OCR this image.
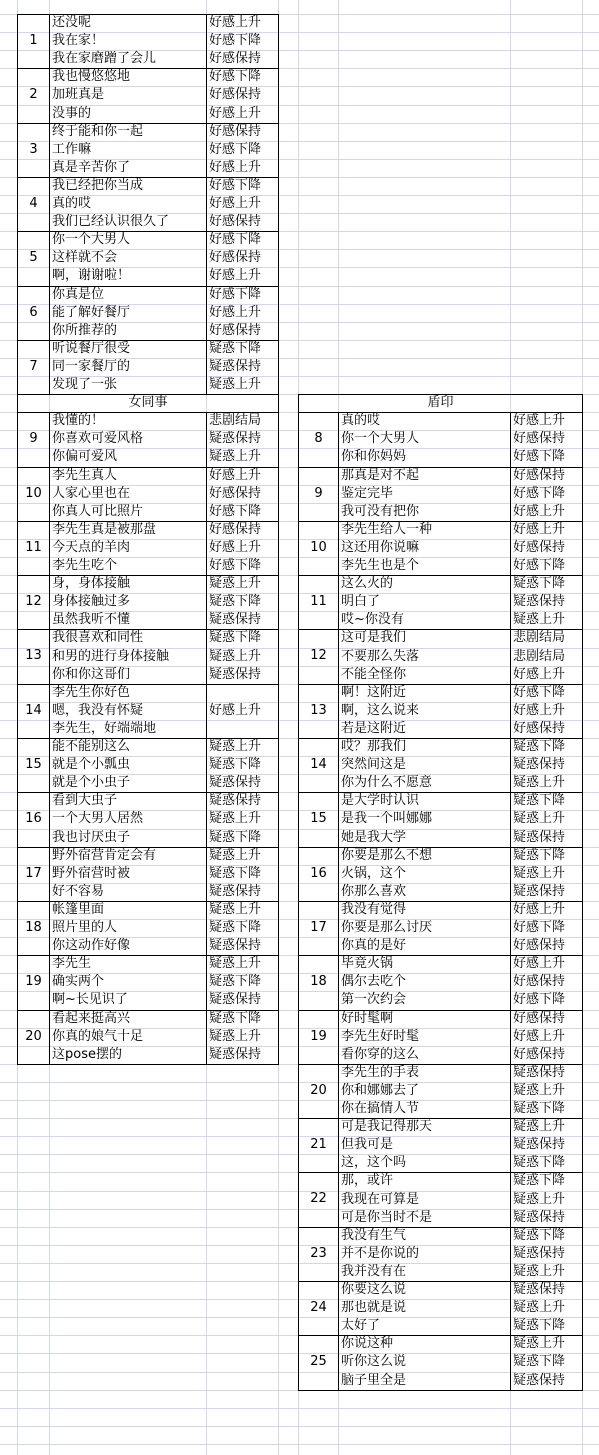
1
还没呢	好感上升
我在家！	好感下降
我在家磨蹭了会儿	好感保持
2
我也慢悠悠地	好感下降
加班真是	好感保持
没事的	好感上升
3
终于能和你一起	好感保持
工作嘛	好感下降
真是辛苦你了	好感上升
4
我已经把你当成	好感下降
真的哎	好感上升
我们已经认识很久了	好感保持
5
你一个大男人	好感下降
这样就不会	好感保持
啊，谢谢啦！	好感上升
6
你真是位	好感下降
能了解好餐厅	好感上升
你所推荐的	好感保持
7
听说餐厅很受	疑惑下降
同一家餐厅的	疑惑保持
发现了一张	疑惑上升
女同事	盾印
9
我懂的！	悲剧结局
你喜欢可爱风格	疑惑保持
你偏可爱风	疑惑上升
10
李先生真人	好感上升
人家心里也在	好感保持
你真人可比照片	好感下降
11
李先生真是被那盘	好感保持
今天点的羊肉	好感上升
李先生吃个	好感下降
12
身，身体接触	疑惑上升
身体接触过多	疑惑下降
虽然我听不懂	疑惑保持
13
我很喜欢和同性	疑惑下降
和男的进行身体接触	疑惑上升
你和你这哥们	疑惑保持
14
李先生你好色
嗯，我没有怀疑	好感上升
李先生，好端端地
15
能不能别这么	疑惑上升
就是个小瓢虫	疑惑下降
就是个小虫子	疑惑保持
16
看到大虫子	疑惑保持
一个大男人居然	疑惑上升
我也讨厌虫子	疑惑下降
17
野外宿营肯定会有	疑惑上升
野外宿营时被	疑惑下降
好不容易	疑惑保持
18
帐篷里面	疑惑上升
照片里的人	疑惑下降
你这动作好像	疑惑保持
19
李先生	疑惑上升
确实两个	疑惑下降
啊~长见识了	疑惑保持
20
看起来挺高兴	疑惑下降
你真的娘气十足	疑惑上升
这pose摆的	疑惑保持
8
真的哎	好感上升
你一个大男人	好感保持
你和你妈妈	好感下降
9
那真是对不起	好感保持
鉴定完毕	好感下降
我可没有把你	好感上升
10
李先生给人一种	好感上升
这还用你说嘛	好感保持
李先生也是个	好感下降
11
这么火的	疑惑下降
明白了	疑惑保持
哎~你没有	疑惑上升
12
这可是我们	悲剧结局
不要那么失落	悲剧结局
不能全怪你	好感上升
13
啊！这附近	好感下降
啊，这么说来	好感上升
若是这附近	好感保持
14
哎？那我们	疑惑下降
突然间这是	疑惑保持
你为什么不愿意	疑惑上升
15
是大学时认识	疑惑下降
是我一个叫娜娜	疑惑上升
她是我大学	疑惑保持
16
你要是那么不想	疑惑下降
火锅，这个	疑惑上升
你那么喜欢	疑惑保持
17
我没有觉得	好感上升
你要是那么讨厌	好感下降
你真的是好	好感保持
18
毕竟火锅	好感上升
偶尔去吃个	好感保持
第一次约会	好感下降
19
好时髦啊	好感保持
李先生好时髦	好感上升
看你穿的这么	好感保持
20
李先生的手表	疑惑保持
你和娜娜去了	疑惑上升
你在搞情人节	疑惑下降
21
可是我记得那天	疑惑上升
但我可是	疑惑保持
这，这个吗	疑惑下降
22
那，或许	疑惑下降
我现在可算是	疑惑上升
可是你当时不是	疑惑保持
23
我没有生气	疑惑下降
并不是你说的	疑惑保持
我并没有在	疑惑上升
24
你要这么说	疑惑保持
那也就是说	疑惑上升
太好了	疑惑下降
25
你说这种	疑惑上升
听你这么说	疑惑下降
脑子里全是	疑惑保持
